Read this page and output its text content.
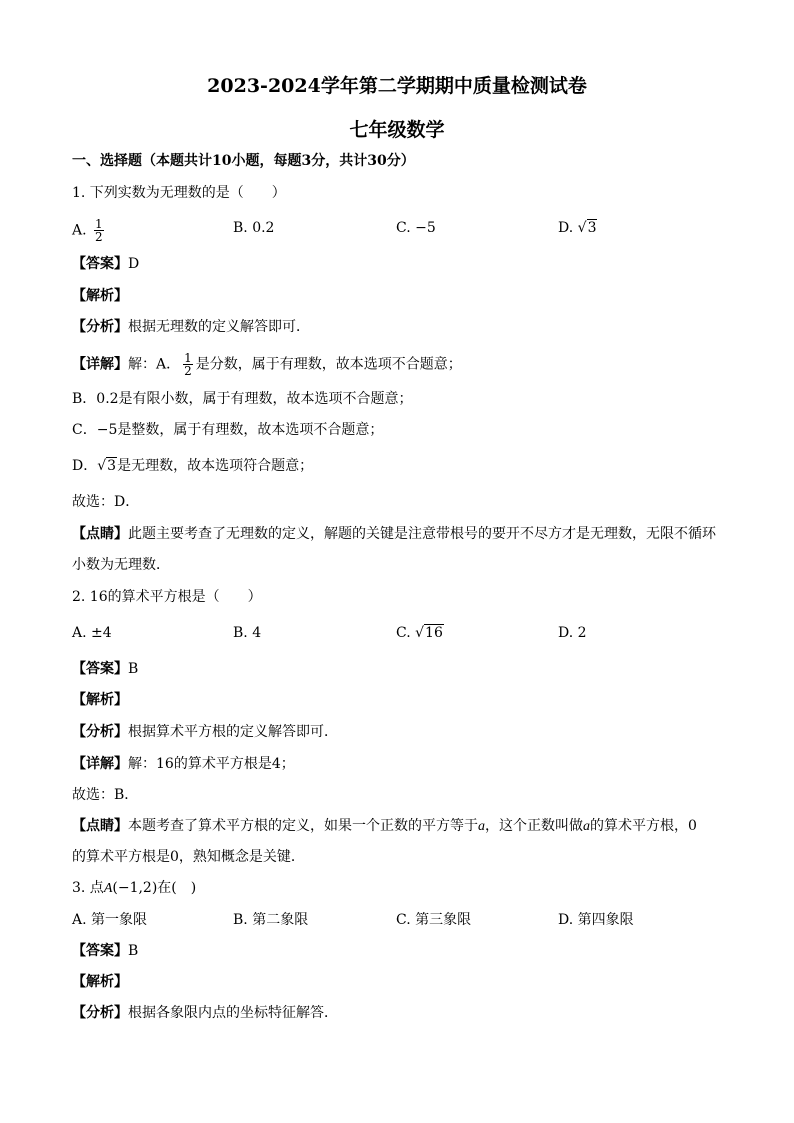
2023-2024学年第二学期期中质量检测试卷
七年级数学
一、选择题（本题共计10小题，每题3分，共计30分）
1. 下列实数为无理数的是（　　）
A. $\frac{1}{2}$	B. 0.2	C. −5	D. √3
【答案】D
【解析】
【分析】根据无理数的定义解答即可．
【详解】解：A． $\frac{1}{2}$ 是分数，属于有理数，故本选项不合题意；
B．0.2是有限小数，属于有理数，故本选项不合题意；
C．−5是整数，属于有理数，故本选项不合题意；
D．√3是无理数，故本选项符合题意；
故选：D．
【点睛】此题主要考查了无理数的定义，解题的关键是注意带根号的要开不尽方才是无理数，无限不循环
小数为无理数．
2. 16的算术平方根是（　　）
A. ±4	B. 4	C. √16	D. 2
【答案】B
【解析】
【分析】根据算术平方根的定义解答即可．
【详解】解：16的算术平方根是4；
故选：B．
【点睛】本题考查了算术平方根的定义，如果一个正数的平方等于a，这个正数叫做a的算术平方根，0
的算术平方根是0，熟知概念是关键．
3. 点A(−1,2)在(　)
A. 第一象限	B. 第二象限	C. 第三象限	D. 第四象限
【答案】B
【解析】
【分析】根据各象限内点的坐标特征解答．
